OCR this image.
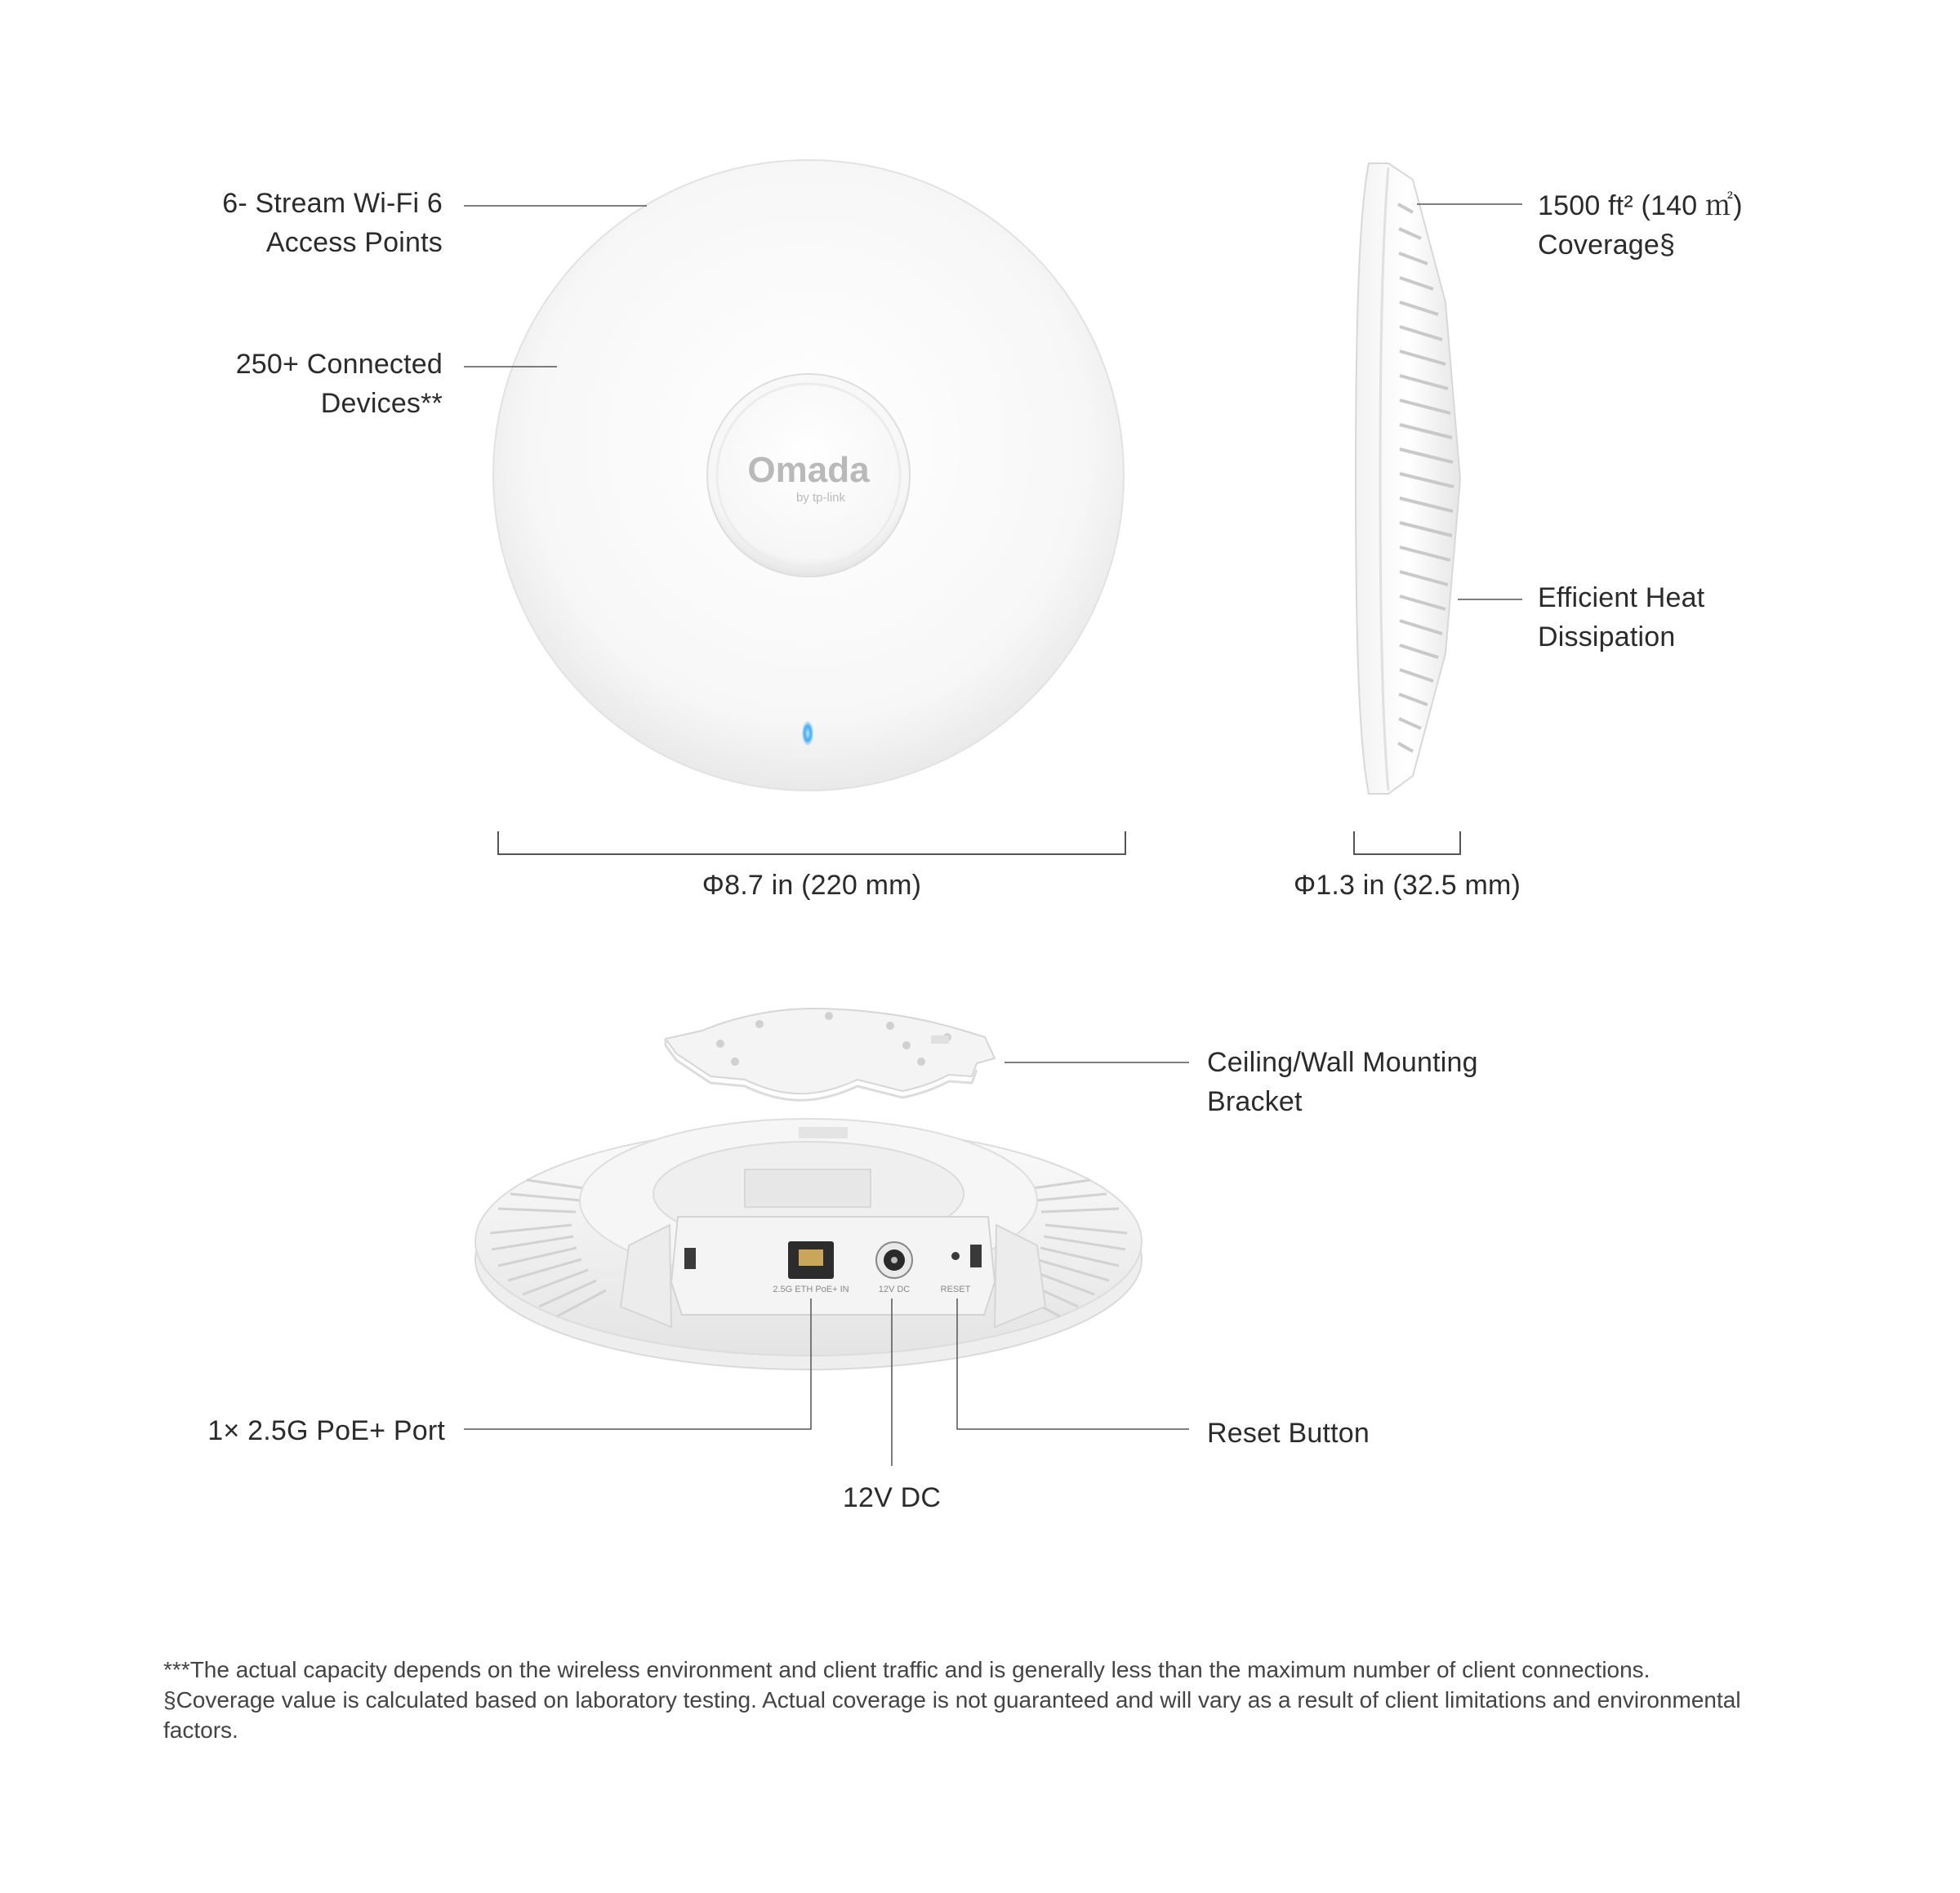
Omada
by tp-link
2.5G ETH PoE+ IN	12V DC	RESET
6- Stream Wi-Fi 6
Access Points
250+ Connected
Devices**
1500 ft² (140 ㎡)
Coverage§
Efficient Heat
Dissipation
Φ8.7 in (220 mm)	Φ1.3 in (32.5 mm)
Ceiling/Wall Mounting
Bracket
1× 2.5G PoE+ Port
12V DC
Reset Button

***The actual capacity depends on the wireless environment and client traffic and is generally less than the maximum number of client connections.

§Coverage value is calculated based on laboratory testing. Actual coverage is not guaranteed and will vary as a result of client limitations and environmental factors.
